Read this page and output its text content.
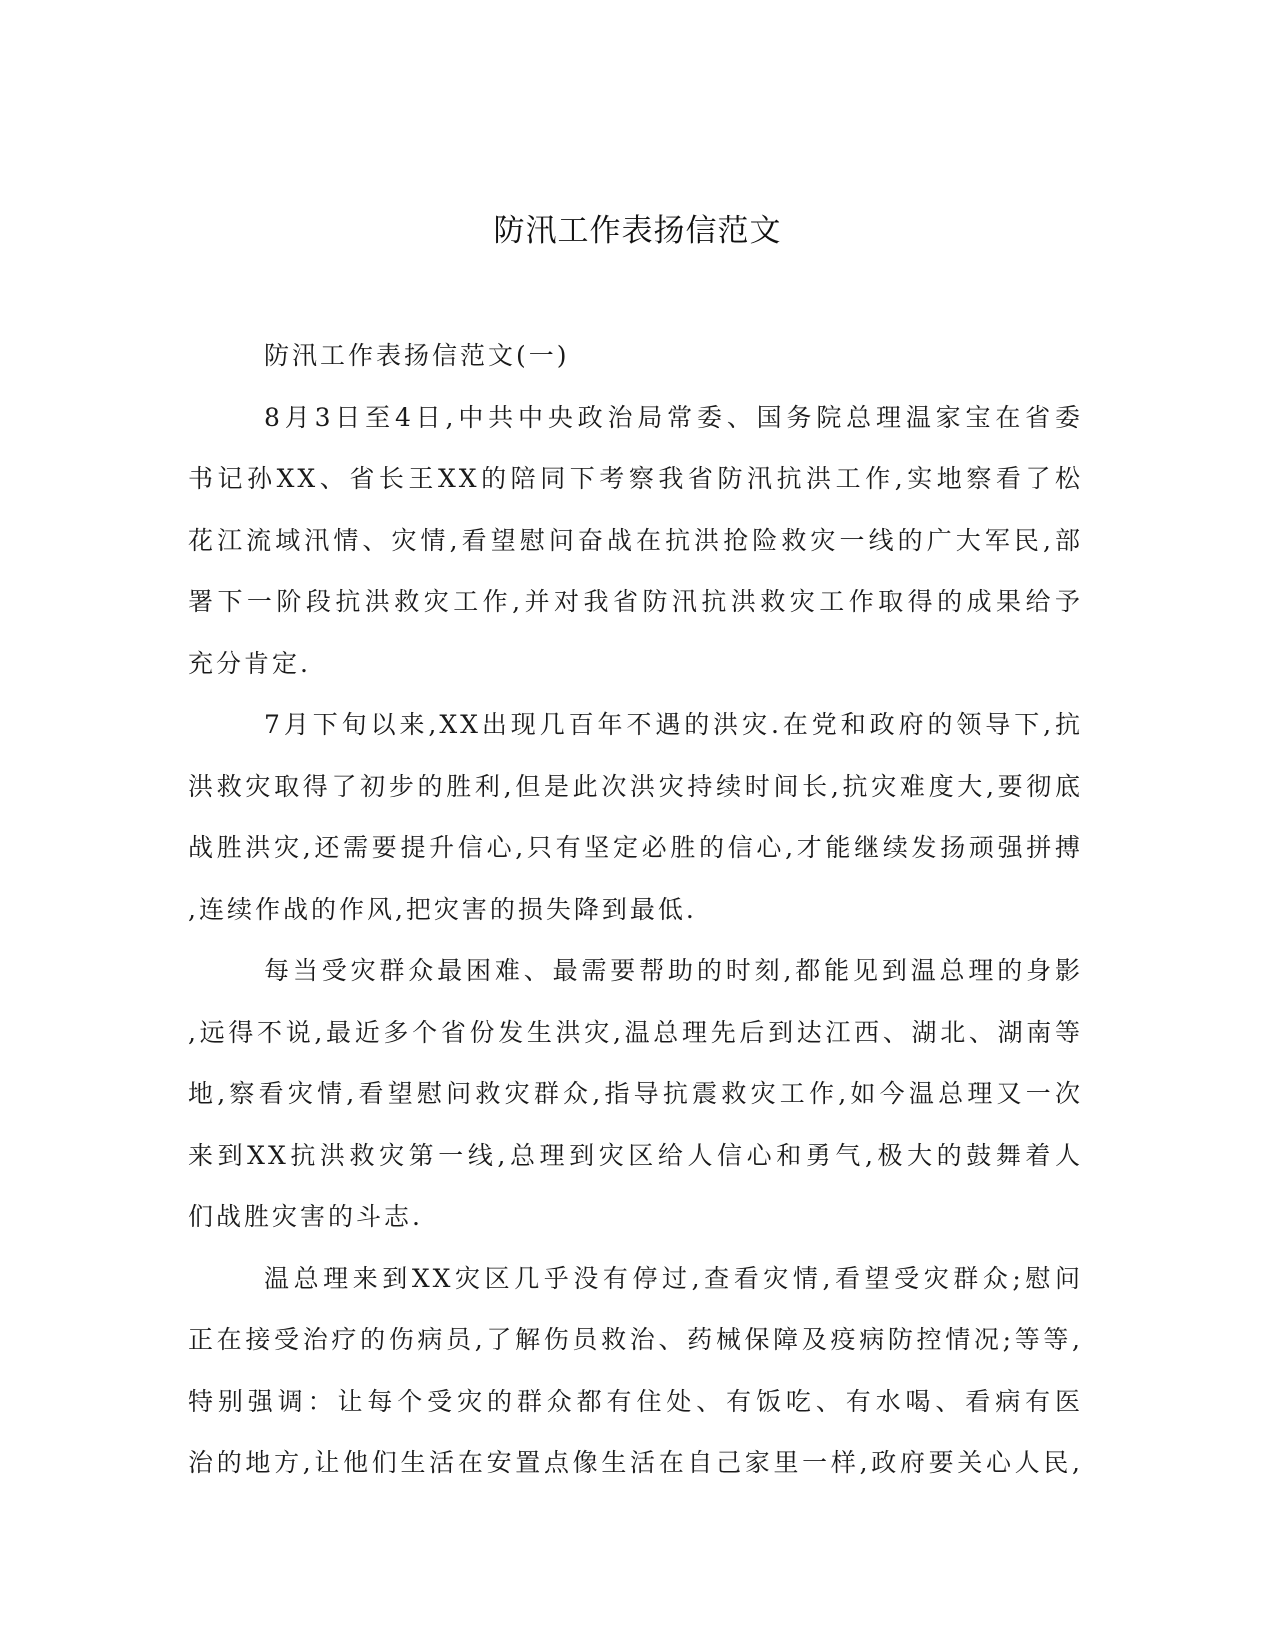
防汛工作表扬信范文
防汛工作表扬信范文(一)
8月3日至4日,中共中央政治局常委、国务院总理温家宝在省委
书记孙XX、省长王XX的陪同下考察我省防汛抗洪工作,实地察看了松
花江流域汛情、灾情,看望慰问奋战在抗洪抢险救灾一线的广大军民,部
署下一阶段抗洪救灾工作,并对我省防汛抗洪救灾工作取得的成果给予
充分肯定.
7月下旬以来,XX出现几百年不遇的洪灾.在党和政府的领导下,抗
洪救灾取得了初步的胜利,但是此次洪灾持续时间长,抗灾难度大,要彻底
战胜洪灾,还需要提升信心,只有坚定必胜的信心,才能继续发扬顽强拼搏
,连续作战的作风,把灾害的损失降到最低.
每当受灾群众最困难、最需要帮助的时刻,都能见到温总理的身影
,远得不说,最近多个省份发生洪灾,温总理先后到达江西、湖北、湖南等
地,察看灾情,看望慰问救灾群众,指导抗震救灾工作,如今温总理又一次
来到XX抗洪救灾第一线,总理到灾区给人信心和勇气,极大的鼓舞着人
们战胜灾害的斗志.
温总理来到XX灾区几乎没有停过,查看灾情,看望受灾群众;慰问
正在接受治疗的伤病员,了解伤员救治、药械保障及疫病防控情况;等等,
特别强调：让每个受灾的群众都有住处、有饭吃、有水喝、看病有医
治的地方,让他们生活在安置点像生活在自己家里一样,政府要关心人民,
